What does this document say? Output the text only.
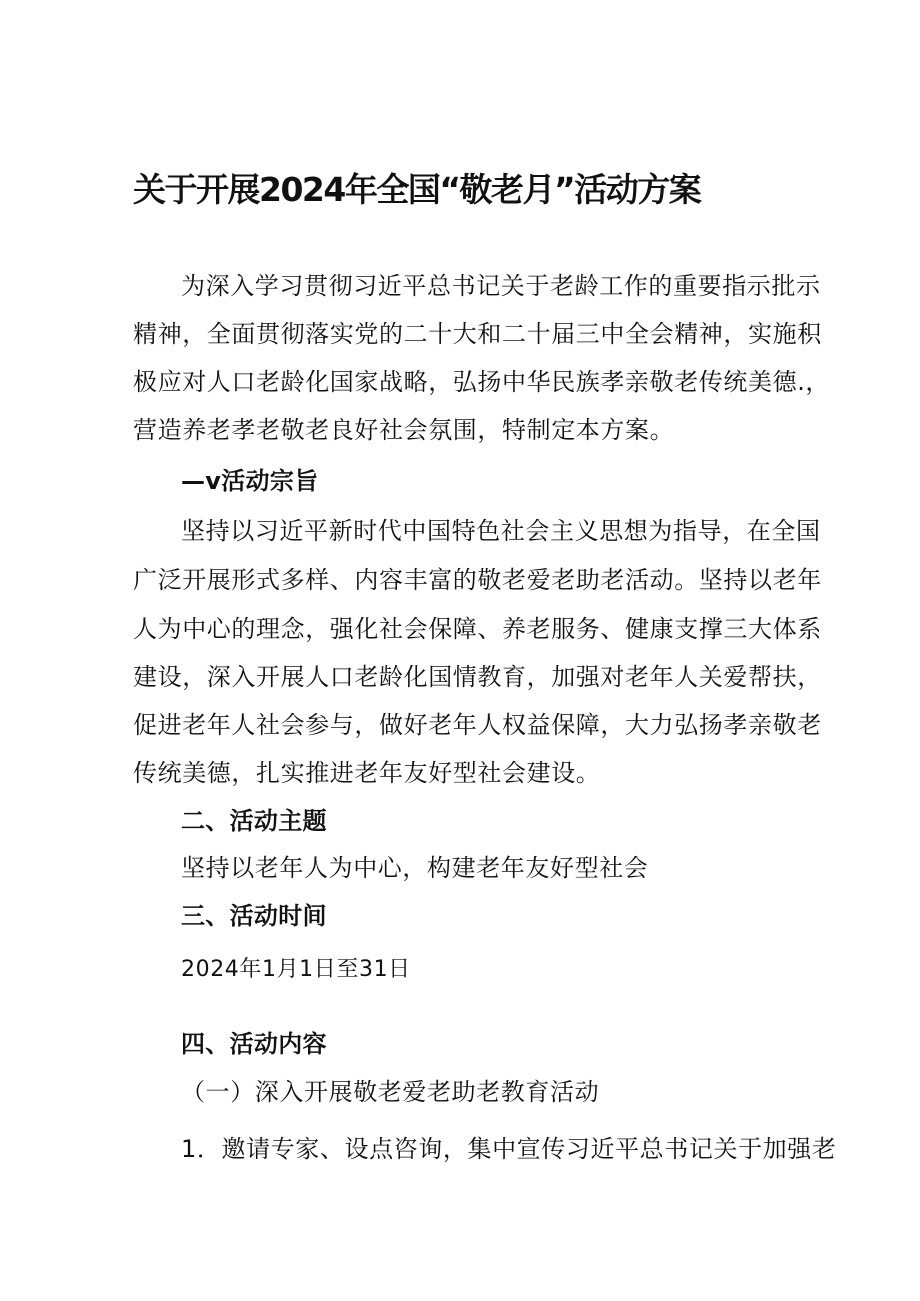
关于开展2024年全国“敬老月”活动方案

为深入学习贯彻习近平总书记关于老龄工作的重要指示批示

精神，全面贯彻落实党的二十大和二十届三中全会精神，实施积

极应对人口老龄化国家战略，弘扬中华民族孝亲敬老传统美德.，

营造养老孝老敬老良好社会氛围，特制定本方案。

—v活动宗旨

坚持以习近平新时代中国特色社会主义思想为指导，在全国

广泛开展形式多样、内容丰富的敬老爱老助老活动。坚持以老年

人为中心的理念，强化社会保障、养老服务、健康支撑三大体系

建设，深入开展人口老龄化国情教育，加强对老年人关爱帮扶，

促进老年人社会参与，做好老年人权益保障，大力弘扬孝亲敬老

传统美德，扎实推进老年友好型社会建设。

二、活动主题

坚持以老年人为中心，构建老年友好型社会

三、活动时间

2024年1月1日至31日

四、活动内容

（一）深入开展敬老爱老助老教育活动

1．邀请专家、设点咨询，集中宣传习近平总书记关于加强老
